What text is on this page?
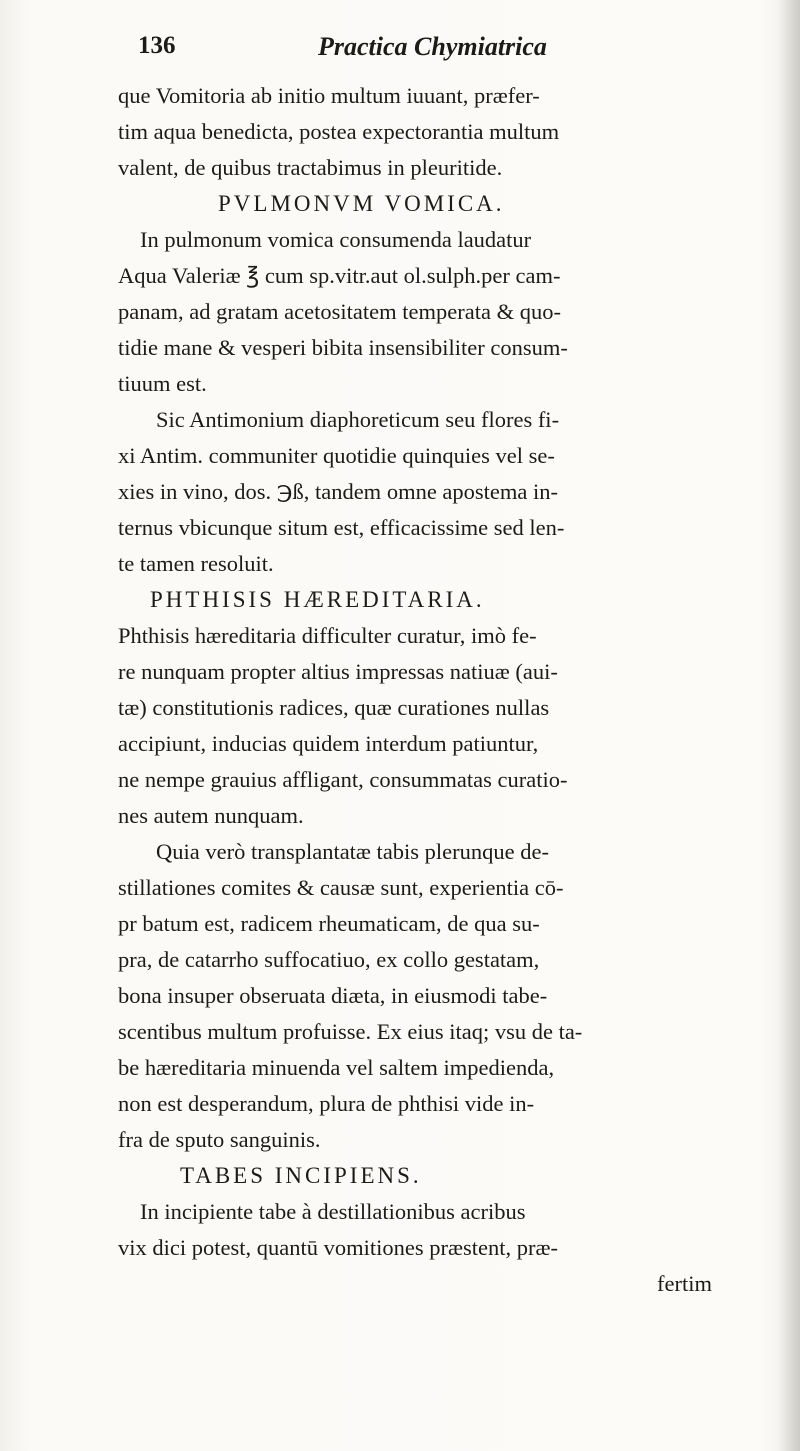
136	Practica Chymiatrica
que Vomitoria ab initio multum iuuant, præfer-
tim aqua benedicta, postea expectorantia multum
valent, de quibus tractabimus in pleuritide.
PVLMONVM VOMICA.
In pulmonum vomica consumenda laudatur
Aqua Valeriæ ℥ cum sp.vitr.aut ol.sulph.per cam-
panam, ad gratam acetositatem temperata & quo-
tidie mane & vesperi bibita insensibiliter consum-
tiuum est.
Sic Antimonium diaphoreticum seu flores fi-
xi Antim. communiter quotidie quinquies vel se-
xies in vino, dos. ℈ß, tandem omne apostema in-
ternus vbicunque situm est, efficacissime sed len-
te tamen resoluit.
PHTHISIS HÆREDITARIA.
Phthisis hæreditaria difficulter curatur, imò fe-
re nunquam propter altius impressas natiuæ (aui-
tæ) constitutionis radices, quæ curationes nullas
accipiunt, inducias quidem interdum patiuntur,
ne nempe grauius affligant, consummatas curatio-
nes autem nunquam.
Quia verò transplantatæ tabis plerunque de-
stillationes comites & causæ sunt, experientia cō-
pr batum est, radicem rheumaticam, de qua su-
pra, de catarrho suffocatiuo, ex collo gestatam,
bona insuper obseruata diæta, in eiusmodi tabe-
scentibus multum profuisse. Ex eius itaq; vsu de ta-
be hæreditaria minuenda vel saltem impedienda,
non est desperandum, plura de phthisi vide in-
fra de sputo sanguinis.
TABES INCIPIENS.
In incipiente tabe à destillationibus acribus
vix dici potest, quantū vomitiones præstent, præ-
fertim
